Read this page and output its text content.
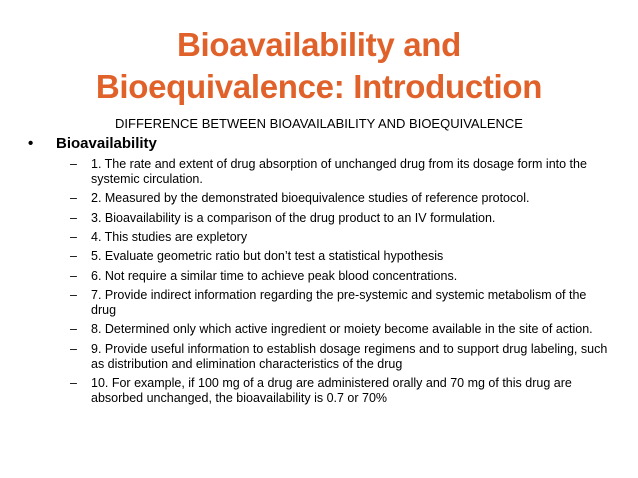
Bioavailability and
Bioequivalence: Introduction
DIFFERENCE BETWEEN BIOAVAILABILITY AND BIOEQUIVALENCE
• Bioavailability
– 1. The rate and extent of drug absorption of unchanged drug from its dosage form into the systemic circulation.
– 2. Measured by the demonstrated bioequivalence studies of reference protocol.
– 3. Bioavailability is a comparison of the drug product to an IV formulation.
– 4. This studies are expletory
– 5. Evaluate geometric ratio but don’t test a statistical hypothesis
– 6. Not require a similar time to achieve peak blood concentrations.
– 7. Provide indirect information regarding the pre-systemic and systemic metabolism of the drug
– 8. Determined only which active ingredient or moiety become available in the site of action.
– 9. Provide useful information to establish dosage regimens and to support drug labeling, such as distribution and elimination characteristics of the drug
– 10. For example, if 100 mg of a drug are administered orally and 70 mg of this drug are absorbed unchanged, the bioavailability is 0.7 or 70%
